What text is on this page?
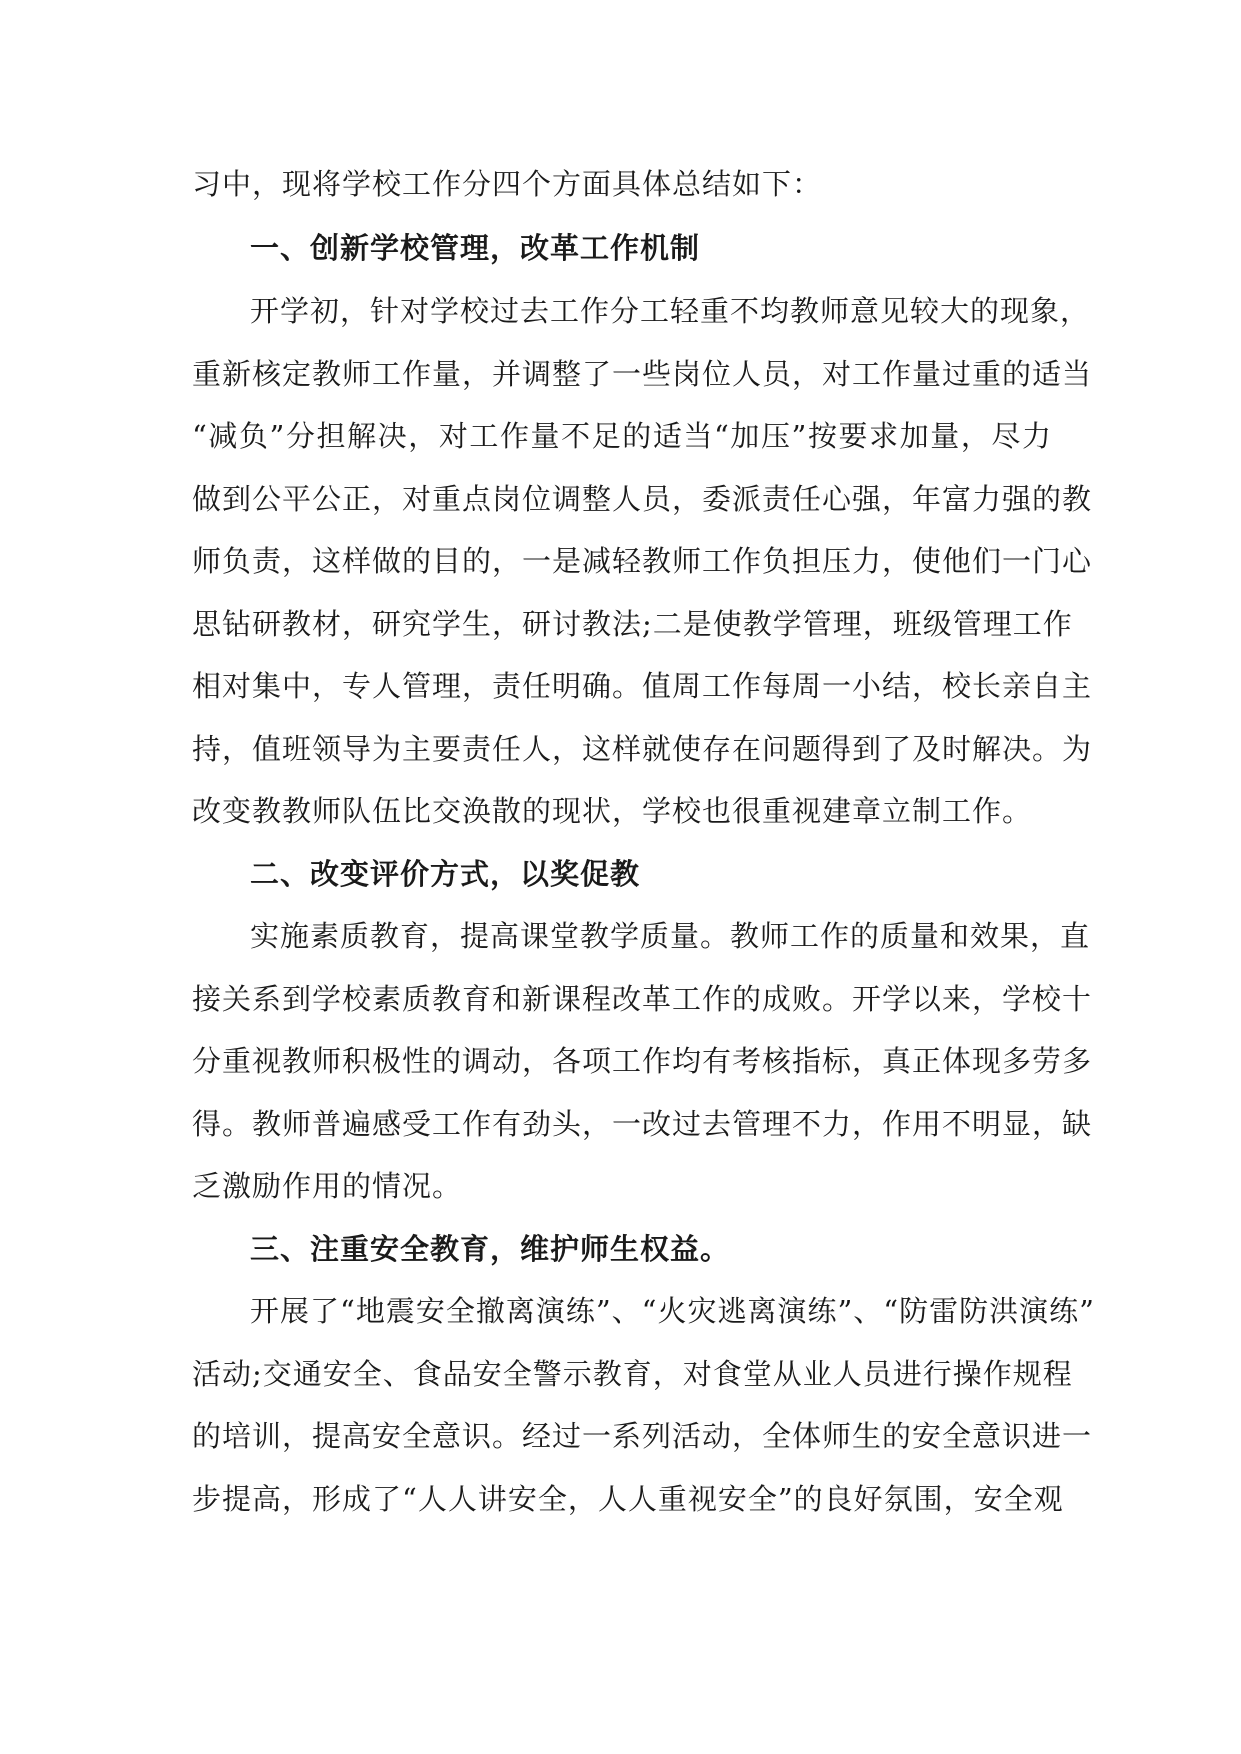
习中，现将学校工作分四个方面具体总结如下：
一、创新学校管理，改革工作机制
开学初，针对学校过去工作分工轻重不均教师意见较大的现象，
重新核定教师工作量，并调整了一些岗位人员，对工作量过重的适当
“减负”分担解决，对工作量不足的适当“加压”按要求加量，尽力
做到公平公正，对重点岗位调整人员，委派责任心强，年富力强的教
师负责，这样做的目的，一是减轻教师工作负担压力，使他们一门心
思钻研教材，研究学生，研讨教法;二是使教学管理，班级管理工作
相对集中，专人管理，责任明确。值周工作每周一小结，校长亲自主
持，值班领导为主要责任人，这样就使存在问题得到了及时解决。为
改变教教师队伍比交涣散的现状，学校也很重视建章立制工作。
二、改变评价方式，以奖促教
实施素质教育，提高课堂教学质量。教师工作的质量和效果，直
接关系到学校素质教育和新课程改革工作的成败。开学以来，学校十
分重视教师积极性的调动，各项工作均有考核指标，真正体现多劳多
得。教师普遍感受工作有劲头，一改过去管理不力，作用不明显，缺
乏激励作用的情况。
三、注重安全教育，维护师生权益。
开展了“地震安全撤离演练”、“火灾逃离演练”、“防雷防洪演练”
活动;交通安全、食品安全警示教育，对食堂从业人员进行操作规程
的培训，提高安全意识。经过一系列活动，全体师生的安全意识进一
步提高，形成了“人人讲安全，人人重视安全”的良好氛围，安全观
